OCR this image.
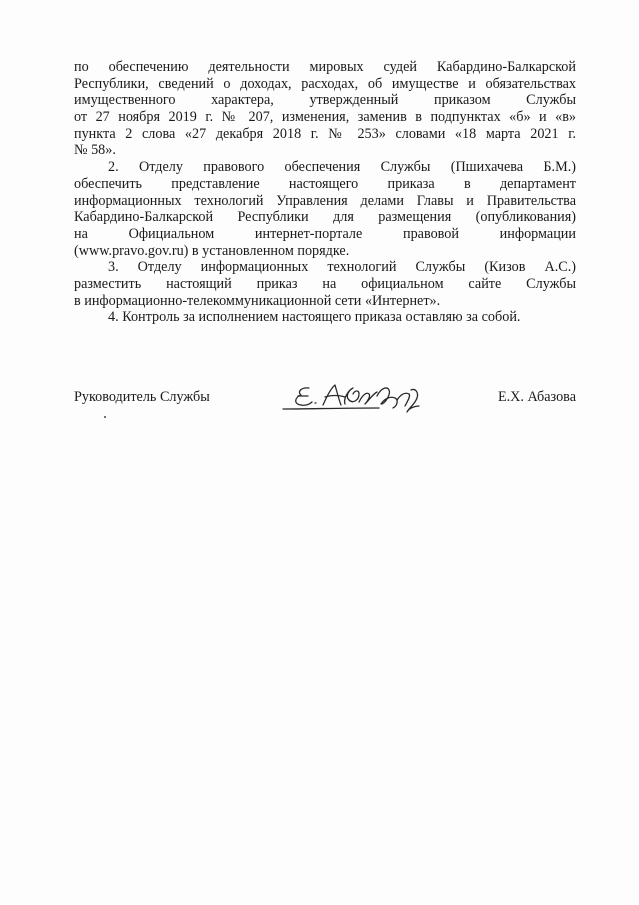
по обеспечению деятельности мировых судей Кабардино-Балкарской
Республики, сведений о доходах, расходах, об имуществе и обязательствах
имущественного характера, утвержденный приказом Службы
от 27 ноября 2019 г. № 207, изменения, заменив в подпунктах «б» и «в»
пункта 2 слова «27 декабря 2018 г. № 253» словами «18 марта 2021 г.
№ 58».
2. Отделу правового обеспечения Службы (Пшихачева Б.М.)
обеспечить представление настоящего приказа в департамент
информационных технологий Управления делами Главы и Правительства
Кабардино-Балкарской Республики для размещения (опубликования)
на Официальном интернет-портале правовой информации
(www.pravo.gov.ru) в установленном порядке.
3. Отделу информационных технологий Службы (Кизов А.С.)
разместить настоящий приказ на официальном сайте Службы
в информационно-телекоммуникационной сети «Интернет».
4. Контроль за исполнением настоящего приказа оставляю за собой.
Руководитель Службы	Е.Х. Абазова
